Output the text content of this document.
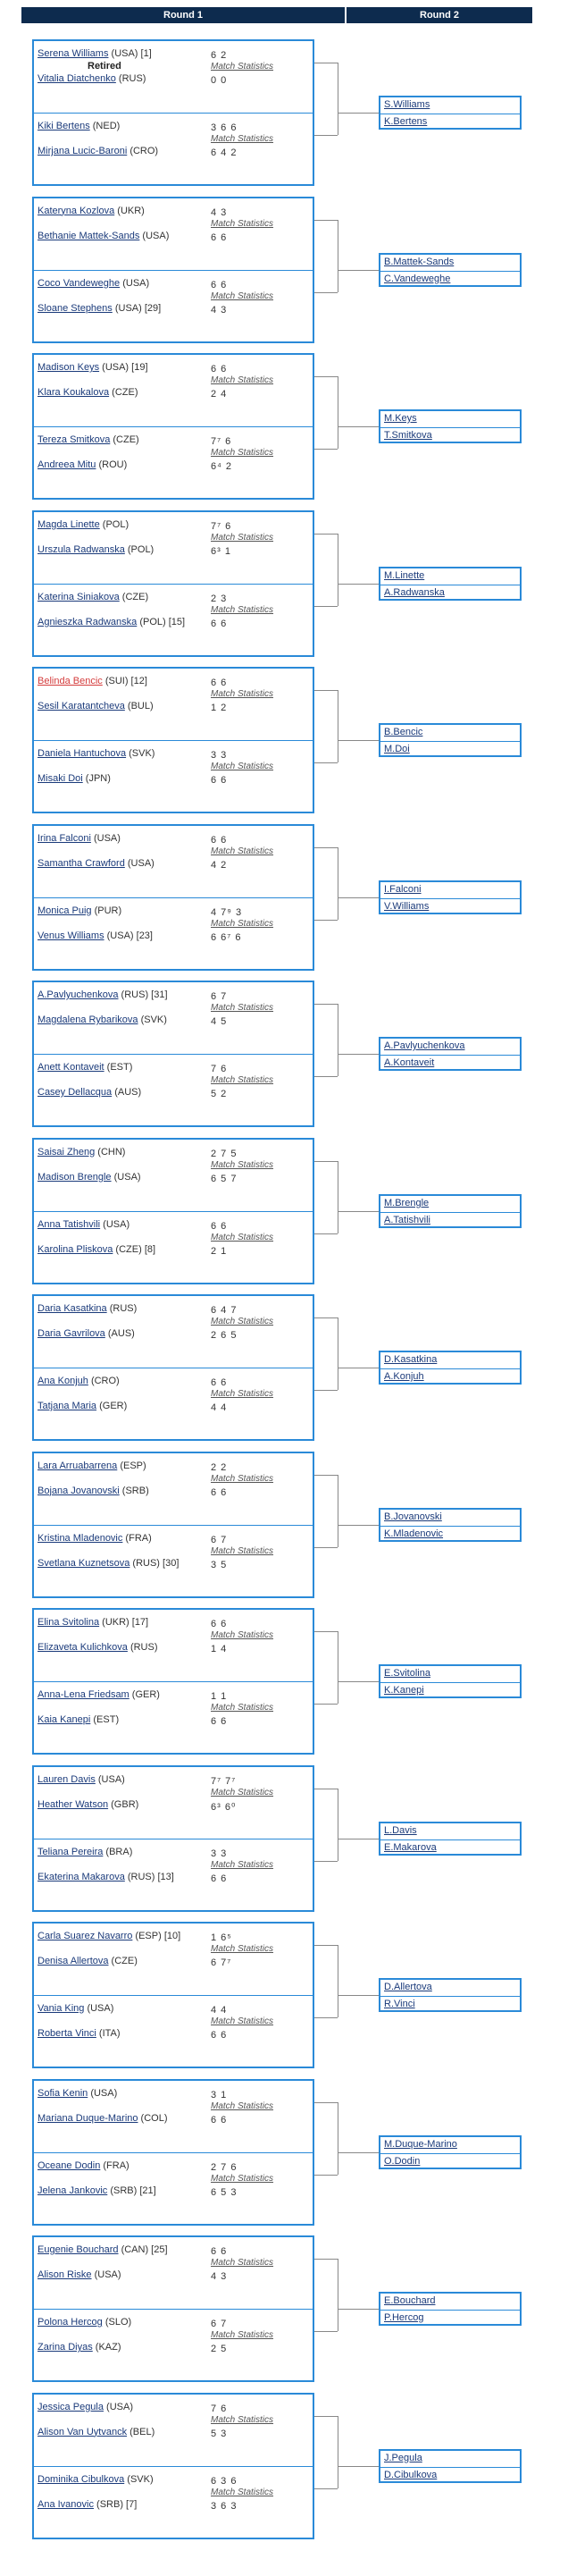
Round 1	Round 2
Serena Williams (USA) [1]	6 2
Match Statistics
Retired
Vitalia Diatchenko (RUS)	0 0
Kiki Bertens (NED)	3 6 6
Match Statistics
Mirjana Lucic-Baroni (CRO)	6 4 2
S.Williams
K.Bertens
Kateryna Kozlova (UKR)	4 3
Match Statistics
Bethanie Mattek-Sands (USA)	6 6
Coco Vandeweghe (USA)	6 6
Match Statistics
Sloane Stephens (USA) [29]	4 3
B.Mattek-Sands
C.Vandeweghe
Madison Keys (USA) [19]	6 6
Match Statistics
Klara Koukalova (CZE)	2 4
Tereza Smitkova (CZE)	7⁷ 6
Match Statistics
Andreea Mitu (ROU)	6⁴ 2
M.Keys
T.Smitkova
Magda Linette (POL)	7⁷ 6
Match Statistics
Urszula Radwanska (POL)	6³ 1
Katerina Siniakova (CZE)	2 3
Match Statistics
Agnieszka Radwanska (POL) [15]	6 6
M.Linette
A.Radwanska
Belinda Bencic (SUI) [12]	6 6
Match Statistics
Sesil Karatantcheva (BUL)	1 2
Daniela Hantuchova (SVK)	3 3
Match Statistics
Misaki Doi (JPN)	6 6
B.Bencic
M.Doi
Irina Falconi (USA)	6 6
Match Statistics
Samantha Crawford (USA)	4 2
Monica Puig (PUR)	4 7⁹ 3
Match Statistics
Venus Williams (USA) [23]	6 6⁷ 6
I.Falconi
V.Williams
A.Pavlyuchenkova (RUS) [31]	6 7
Match Statistics
Magdalena Rybarikova (SVK)	4 5
Anett Kontaveit (EST)	7 6
Match Statistics
Casey Dellacqua (AUS)	5 2
A.Pavlyuchenkova
A.Kontaveit
Saisai Zheng (CHN)	2 7 5
Match Statistics
Madison Brengle (USA)	6 5 7
Anna Tatishvili (USA)	6 6
Match Statistics
Karolina Pliskova (CZE) [8]	2 1
M.Brengle
A.Tatishvili
Daria Kasatkina (RUS)	6 4 7
Match Statistics
Daria Gavrilova (AUS)	2 6 5
Ana Konjuh (CRO)	6 6
Match Statistics
Tatjana Maria (GER)	4 4
D.Kasatkina
A.Konjuh
Lara Arruabarrena (ESP)	2 2
Match Statistics
Bojana Jovanovski (SRB)	6 6
Kristina Mladenovic (FRA)	6 7
Match Statistics
Svetlana Kuznetsova (RUS) [30]	3 5
B.Jovanovski
K.Mladenovic
Elina Svitolina (UKR) [17]	6 6
Match Statistics
Elizaveta Kulichkova (RUS)	1 4
Anna-Lena Friedsam (GER)	1 1
Match Statistics
Kaia Kanepi (EST)	6 6
E.Svitolina
K.Kanepi
Lauren Davis (USA)	7⁷ 7⁷
Match Statistics
Heather Watson (GBR)	6³ 6⁰
Teliana Pereira (BRA)	3 3
Match Statistics
Ekaterina Makarova (RUS) [13]	6 6
L.Davis
E.Makarova
Carla Suarez Navarro (ESP) [10]	1 6⁵
Match Statistics
Denisa Allertova (CZE)	6 7⁷
Vania King (USA)	4 4
Match Statistics
Roberta Vinci (ITA)	6 6
D.Allertova
R.Vinci
Sofia Kenin (USA)	3 1
Match Statistics
Mariana Duque-Marino (COL)	6 6
Oceane Dodin (FRA)	2 7 6
Match Statistics
Jelena Jankovic (SRB) [21]	6 5 3
M.Duque-Marino
O.Dodin
Eugenie Bouchard (CAN) [25]	6 6
Match Statistics
Alison Riske (USA)	4 3
Polona Hercog (SLO)	6 7
Match Statistics
Zarina Diyas (KAZ)	2 5
E.Bouchard
P.Hercog
Jessica Pegula (USA)	7 6
Match Statistics
Alison Van Uytvanck (BEL)	5 3
Dominika Cibulkova (SVK)	6 3 6
Match Statistics
Ana Ivanovic (SRB) [7]	3 6 3
J.Pegula
D.Cibulkova
